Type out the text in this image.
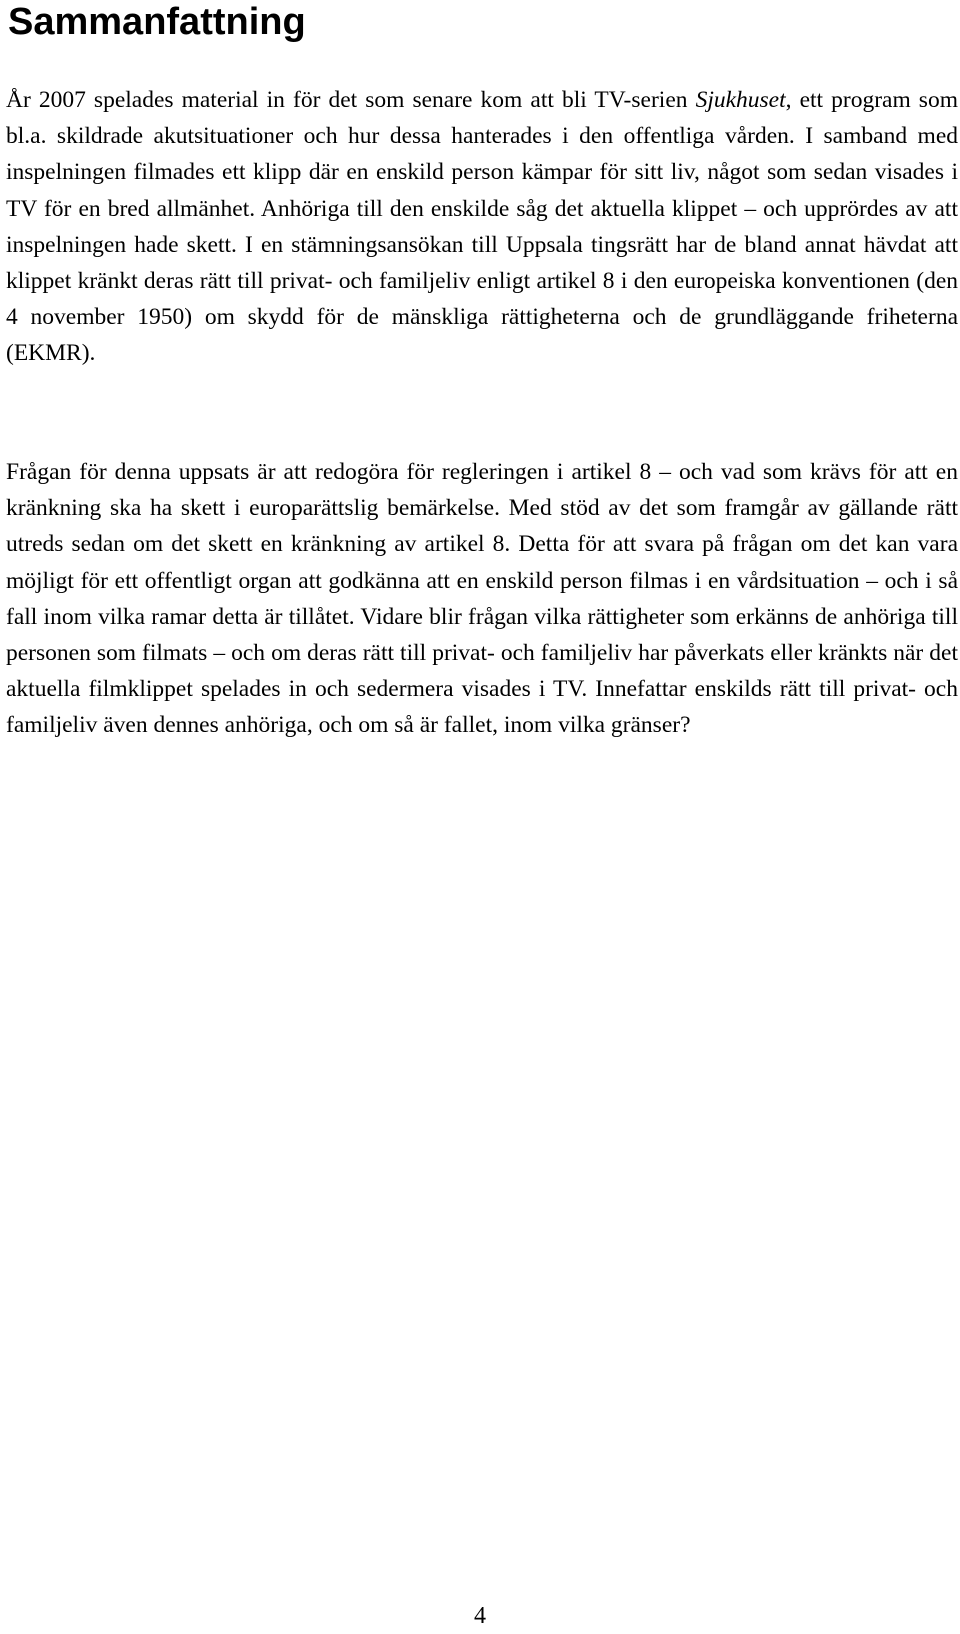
Sammanfattning

År 2007 spelades material in för det som senare kom att bli TV-serien Sjukhuset, ett program som bl.a. skildrade akutsituationer och hur dessa hanterades i den offentliga vården. I samband med inspelningen filmades ett klipp där en enskild person kämpar för sitt liv, något som sedan visades i TV för en bred allmänhet. Anhöriga till den enskilde såg det aktuella klippet – och upprördes av att inspelningen hade skett. I en stämningsansökan till Uppsala tingsrätt har de bland annat hävdat att klippet kränkt deras rätt till privat- och familjeliv enligt artikel 8 i den europeiska konventionen (den 4 november 1950) om skydd för de mänskliga rättigheterna och de grundläggande friheterna (EKMR).

Frågan för denna uppsats är att redogöra för regleringen i artikel 8 – och vad som krävs för att en kränkning ska ha skett i europarättslig bemärkelse. Med stöd av det som framgår av gällande rätt utreds sedan om det skett en kränkning av artikel 8. Detta för att svara på frågan om det kan vara möjligt för ett offentligt organ att godkänna att en enskild person filmas i en vårdsituation – och i så fall inom vilka ramar detta är tillåtet. Vidare blir frågan vilka rättigheter som erkänns de anhöriga till personen som filmats – och om deras rätt till privat- och familjeliv har påverkats eller kränkts när det aktuella filmklippet spelades in och sedermera visades i TV. Innefattar enskilds rätt till privat- och familjeliv även dennes anhöriga, och om så är fallet, inom vilka gränser?

4
